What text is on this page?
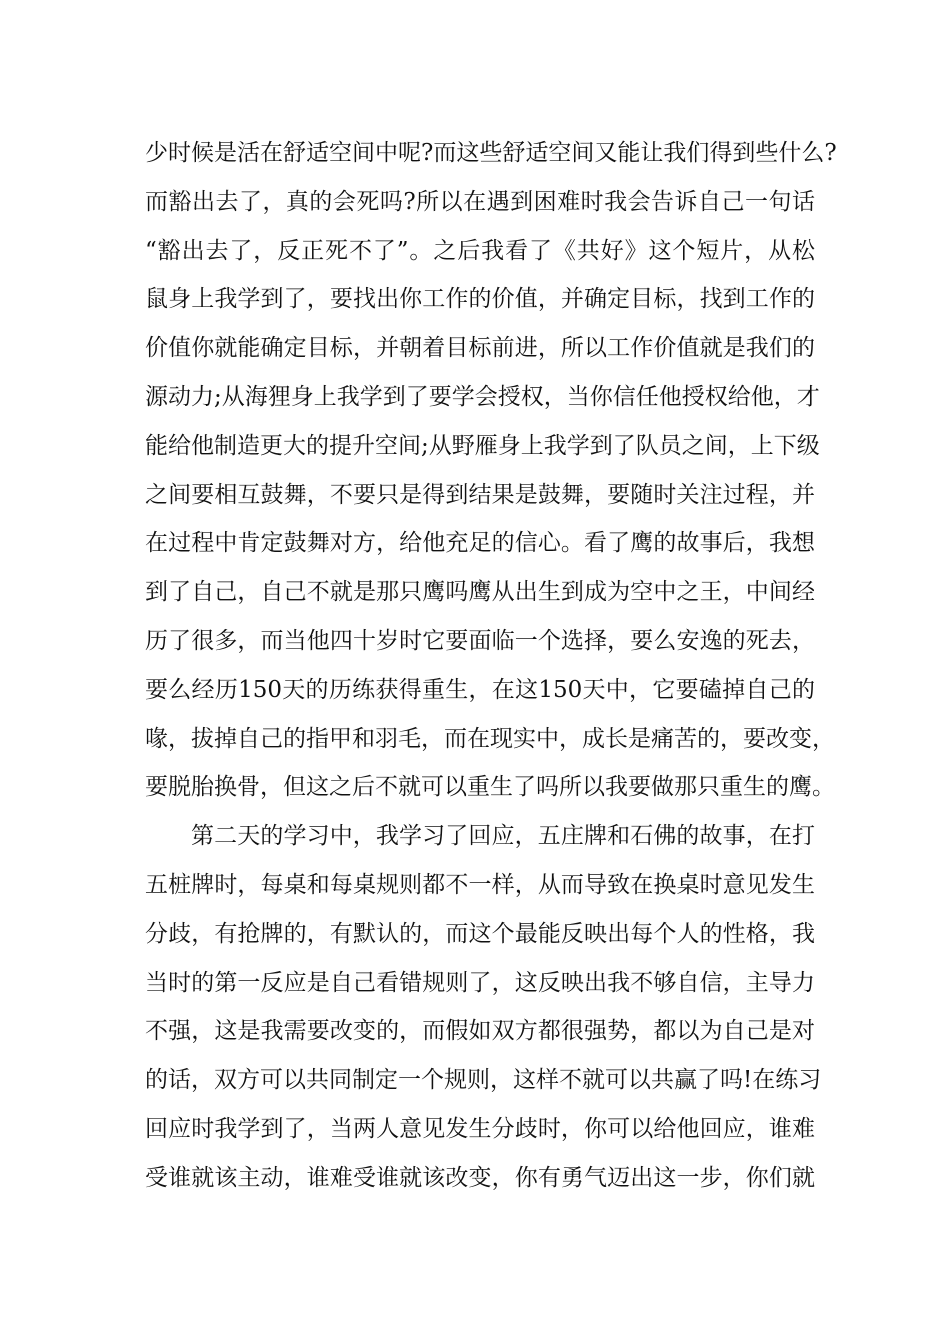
少时候是活在舒适空间中呢?而这些舒适空间又能让我们得到些什么?
而豁出去了，真的会死吗?所以在遇到困难时我会告诉自己一句话
“豁出去了，反正死不了”。之后我看了《共好》这个短片，从松
鼠身上我学到了，要找出你工作的价值，并确定目标，找到工作的
价值你就能确定目标，并朝着目标前进，所以工作价值就是我们的
源动力;从海狸身上我学到了要学会授权，当你信任他授权给他，才
能给他制造更大的提升空间;从野雁身上我学到了队员之间，上下级
之间要相互鼓舞，不要只是得到结果是鼓舞，要随时关注过程，并
在过程中肯定鼓舞对方，给他充足的信心。看了鹰的故事后，我想
到了自己，自己不就是那只鹰吗鹰从出生到成为空中之王，中间经
历了很多，而当他四十岁时它要面临一个选择，要么安逸的死去，
要么经历150天的历练获得重生，在这150天中，它要磕掉自己的
喙，拔掉自己的指甲和羽毛，而在现实中，成长是痛苦的，要改变，
要脱胎换骨，但这之后不就可以重生了吗所以我要做那只重生的鹰。
第二天的学习中，我学习了回应，五庄牌和石佛的故事，在打
五桩牌时，每桌和每桌规则都不一样，从而导致在换桌时意见发生
分歧，有抢牌的，有默认的，而这个最能反映出每个人的性格，我
当时的第一反应是自己看错规则了，这反映出我不够自信，主导力
不强，这是我需要改变的，而假如双方都很强势，都以为自己是对
的话，双方可以共同制定一个规则，这样不就可以共赢了吗!在练习
回应时我学到了，当两人意见发生分歧时，你可以给他回应，谁难
受谁就该主动，谁难受谁就该改变，你有勇气迈出这一步，你们就
